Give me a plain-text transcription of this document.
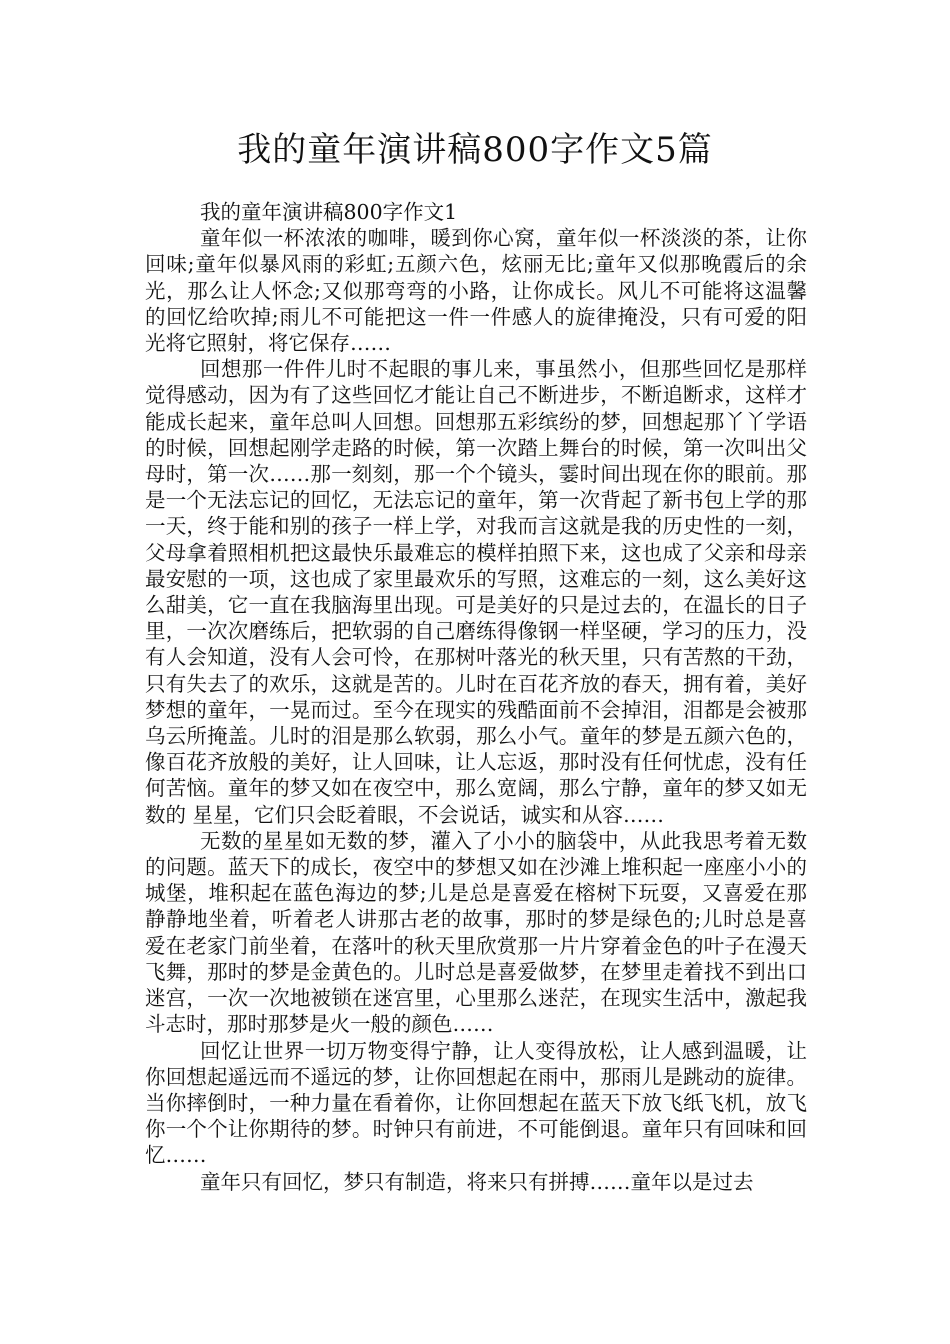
我的童年演讲稿800字作文5篇

我的童年演讲稿800字作文1

童年似一杯浓浓的咖啡，暖到你心窝，童年似一杯淡淡的茶，让你回味;童年似暴风雨的彩虹;五颜六色，炫丽无比;童年又似那晚霞后的余光，那么让人怀念;又似那弯弯的小路，让你成长。风儿不可能将这温馨的回忆给吹掉;雨儿不可能把这一件一件感人的旋律掩没，只有可爱的阳光将它照射，将它保存……

回想那一件件儿时不起眼的事儿来，事虽然小，但那些回忆是那样觉得感动，因为有了这些回忆才能让自己不断进步，不断追断求，这样才能成长起来，童年总叫人回想。回想那五彩缤纷的梦，回想起那丫丫学语的时候，回想起刚学走路的时候，第一次踏上舞台的时候，第一次叫出父母时，第一次……那一刻刻，那一个个镜头，霎时间出现在你的眼前。那是一个无法忘记的回忆，无法忘记的童年，第一次背起了新书包上学的那一天，终于能和别的孩子一样上学，对我而言这就是我的历史性的一刻，父母拿着照相机把这最快乐最难忘的模样拍照下来，这也成了父亲和母亲最安慰的一项，这也成了家里最欢乐的写照，这难忘的一刻，这么美好这么甜美，它一直在我脑海里出现。可是美好的只是过去的，在温长的日子里，一次次磨练后，把软弱的自己磨练得像钢一样坚硬，学习的压力，没有人会知道，没有人会可怜，在那树叶落光的秋天里，只有苦熬的干劲，只有失去了的欢乐，这就是苦的。儿时在百花齐放的春天，拥有着，美好梦想的童年，一晃而过。至今在现实的残酷面前不会掉泪，泪都是会被那乌云所掩盖。儿时的泪是那么软弱，那么小气。童年的梦是五颜六色的，像百花齐放般的美好，让人回味，让人忘返，那时没有任何忧虑，没有任何苦恼。童年的梦又如在夜空中，那么宽阔，那么宁静，童年的梦又如无数的 星星，它们只会眨着眼，不会说话，诚实和从容……

无数的星星如无数的梦，灌入了小小的脑袋中，从此我思考着无数的问题。蓝天下的成长，夜空中的梦想又如在沙滩上堆积起一座座小小的城堡，堆积起在蓝色海边的梦;儿是总是喜爱在榕树下玩耍，又喜爱在那静静地坐着，听着老人讲那古老的故事，那时的梦是绿色的;儿时总是喜爱在老家门前坐着，在落叶的秋天里欣赏那一片片穿着金色的叶子在漫天飞舞，那时的梦是金黄色的。儿时总是喜爱做梦，在梦里走着找不到出口迷宫，一次一次地被锁在迷宫里，心里那么迷茫，在现实生活中，激起我斗志时，那时那梦是火一般的颜色……

回忆让世界一切万物变得宁静，让人变得放松，让人感到温暖，让你回想起遥远而不遥远的梦，让你回想起在雨中，那雨儿是跳动的旋律。当你摔倒时，一种力量在看着你，让你回想起在蓝天下放飞纸飞机，放飞你一个个让你期待的梦。时钟只有前进，不可能倒退。童年只有回味和回忆……

童年只有回忆，梦只有制造，将来只有拼搏……童年以是过去
